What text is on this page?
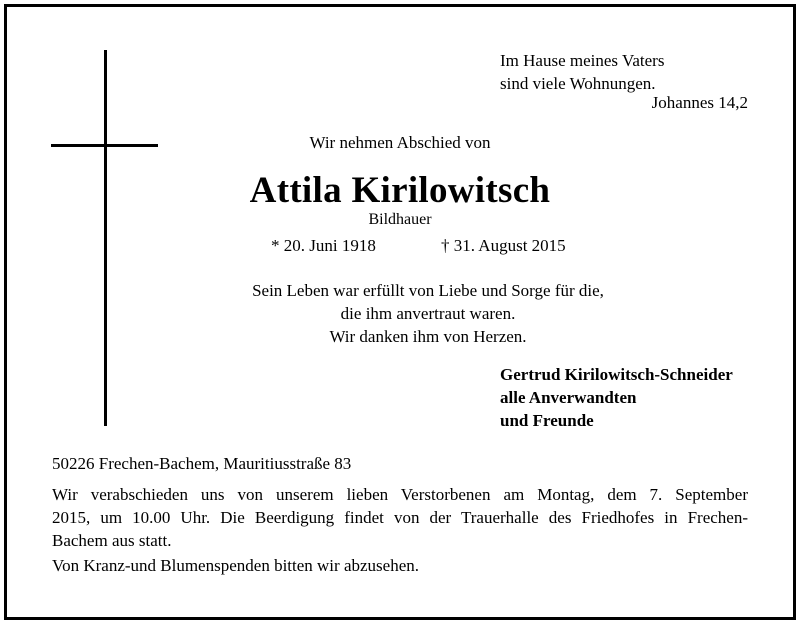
Im Hause meines Vaters
sind viele Wohnungen.
Johannes 14,2
Wir nehmen Abschied von
Attila Kirilowitsch
Bildhauer
* 20. Juni 1918	† 31. August 2015
Sein Leben war erfüllt von Liebe und Sorge für die,
die ihm anvertraut waren.
Wir danken ihm von Herzen.
Gertrud Kirilowitsch-Schneider
alle Anverwandten
und Freunde
50226 Frechen-Bachem, Mauritiusstraße 83
Wir verabschieden uns von unserem lieben Verstorbenen am Montag, dem 7. September
2015, um 10.00 Uhr. Die Beerdigung findet von der Trauerhalle des Friedhofes in Frechen-
Bachem aus statt.
Von Kranz-und Blumenspenden bitten wir abzusehen.
